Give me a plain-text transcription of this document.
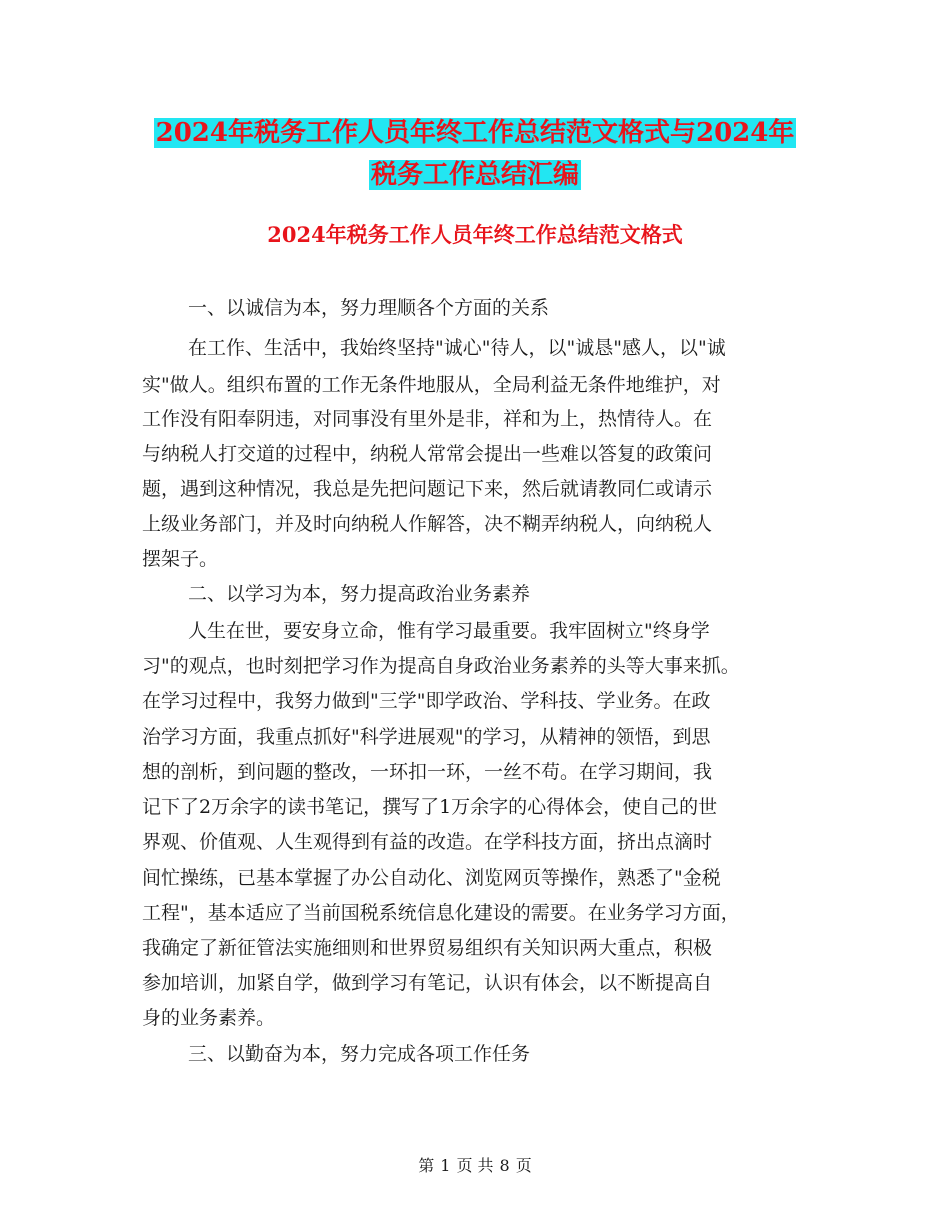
2024年税务工作人员年终工作总结范文格式与2024年
税务工作总结汇编
2024年税务工作人员年终工作总结范文格式
一、以诚信为本，努力理顺各个方面的关系
在工作、生活中，我始终坚持"诚心"待人，以"诚恳"感人，以"诚
实"做人。组织布置的工作无条件地服从，全局利益无条件地维护，对
工作没有阳奉阴违，对同事没有里外是非，祥和为上，热情待人。在
与纳税人打交道的过程中，纳税人常常会提出一些难以答复的政策问
题，遇到这种情况，我总是先把问题记下来，然后就请教同仁或请示
上级业务部门，并及时向纳税人作解答，决不糊弄纳税人，向纳税人
摆架子。
二、以学习为本，努力提高政治业务素养
人生在世，要安身立命，惟有学习最重要。我牢固树立"终身学
习"的观点，也时刻把学习作为提高自身政治业务素养的头等大事来抓。
在学习过程中，我努力做到"三学"即学政治、学科技、学业务。在政
治学习方面，我重点抓好"科学进展观"的学习，从精神的领悟，到思
想的剖析，到问题的整改，一环扣一环，一丝不苟。在学习期间，我
记下了2万余字的读书笔记，撰写了1万余字的心得体会，使自己的世
界观、价值观、人生观得到有益的改造。在学科技方面，挤出点滴时
间忙操练，已基本掌握了办公自动化、浏览网页等操作，熟悉了"金税
工程"，基本适应了当前国税系统信息化建设的需要。在业务学习方面，
我确定了新征管法实施细则和世界贸易组织有关知识两大重点，积极
参加培训，加紧自学，做到学习有笔记，认识有体会，以不断提高自
身的业务素养。
三、以勤奋为本，努力完成各项工作任务
第 1 页 共 8 页
